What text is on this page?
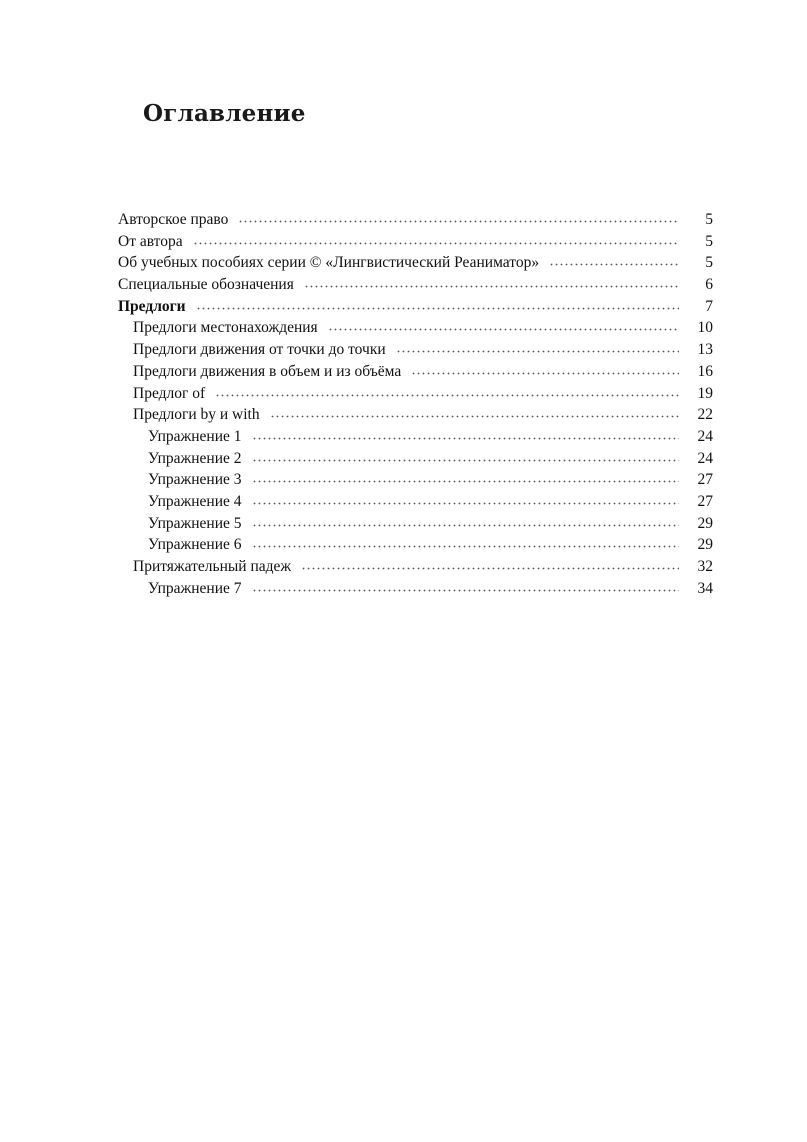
Оглавление
Авторское право	5
От автора	5
Об учебных пособиях серии © «Лингвистический Реаниматор»	5
Специальные обозначения	6
Предлоги	7
Предлоги местонахождения	10
Предлоги движения от точки до точки	13
Предлоги движения в объем и из объёма	16
Предлог of	19
Предлоги by и with	22
Упражнение 1	24
Упражнение 2	24
Упражнение 3	27
Упражнение 4	27
Упражнение 5	29
Упражнение 6	29
Притяжательный падеж	32
Упражнение 7	34
